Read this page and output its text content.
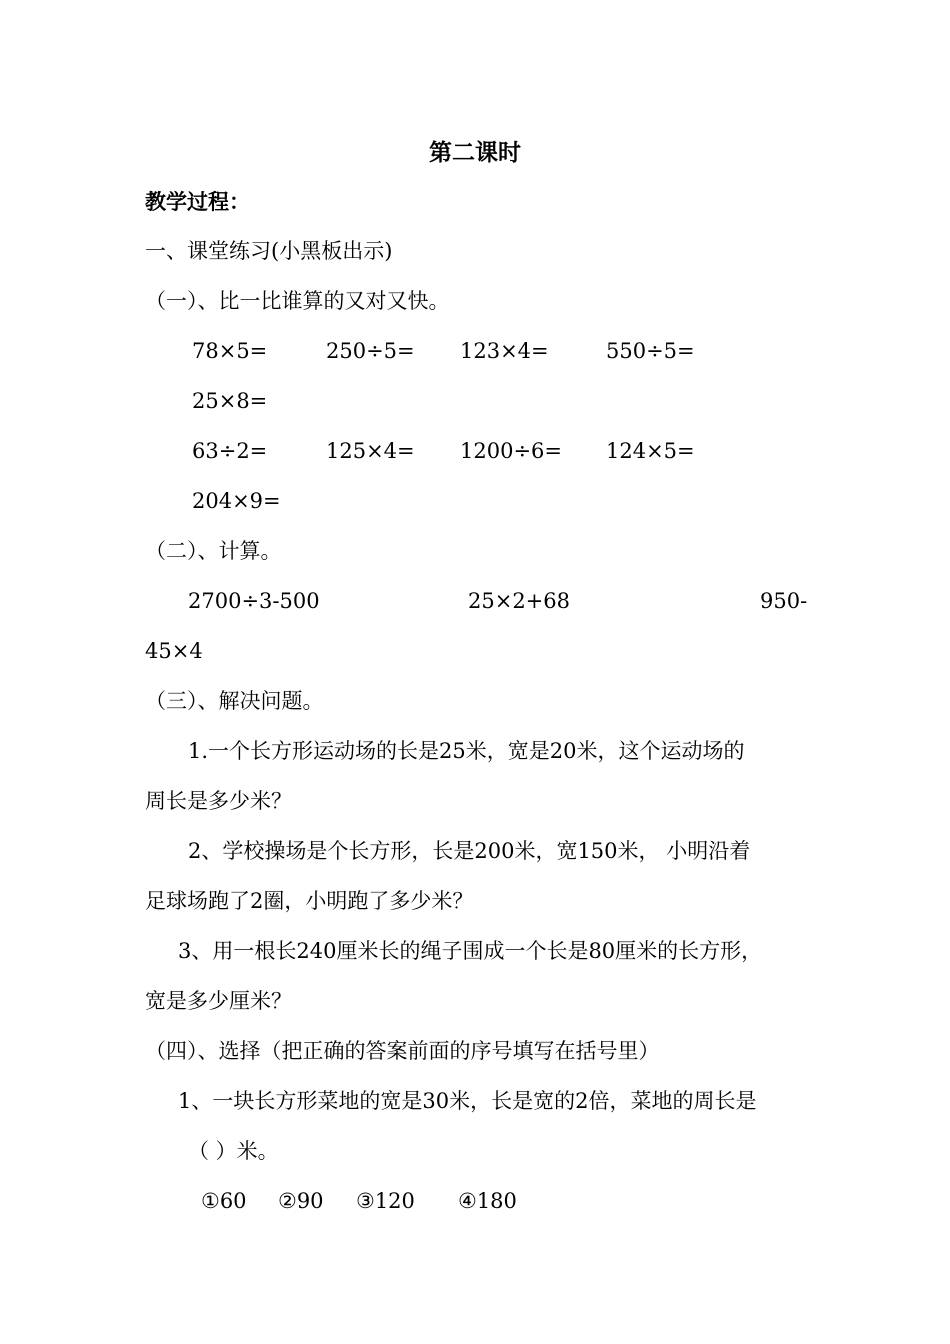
第二课时
教学过程：
一、课堂练习(小黑板出示)
（一）、比一比谁算的又对又快。
78×5=	250÷5= 123×4=	550÷5=
25×8=
63÷2=	125×4= 1200÷6= 124×5=
204×9=
（二）、计算。
2700÷3-500	25×2+68	950-
45×4
（三）、解决问题。
1.一个长方形运动场的长是25米，宽是20米，这个运动场的
周长是多少米？
2、学校操场是个长方形，长是200米，宽150米， 小明沿着
足球场跑了2圈，小明跑了多少米？
3、用一根长240厘米长的绳子围成一个长是80厘米的长方形，
宽是多少厘米？
（四）、选择（把正确的答案前面的序号填写在括号里）
1、一块长方形菜地的宽是30米，长是宽的2倍，菜地的周长是
（ ）米。
①60 ②90 ③120 ④180
